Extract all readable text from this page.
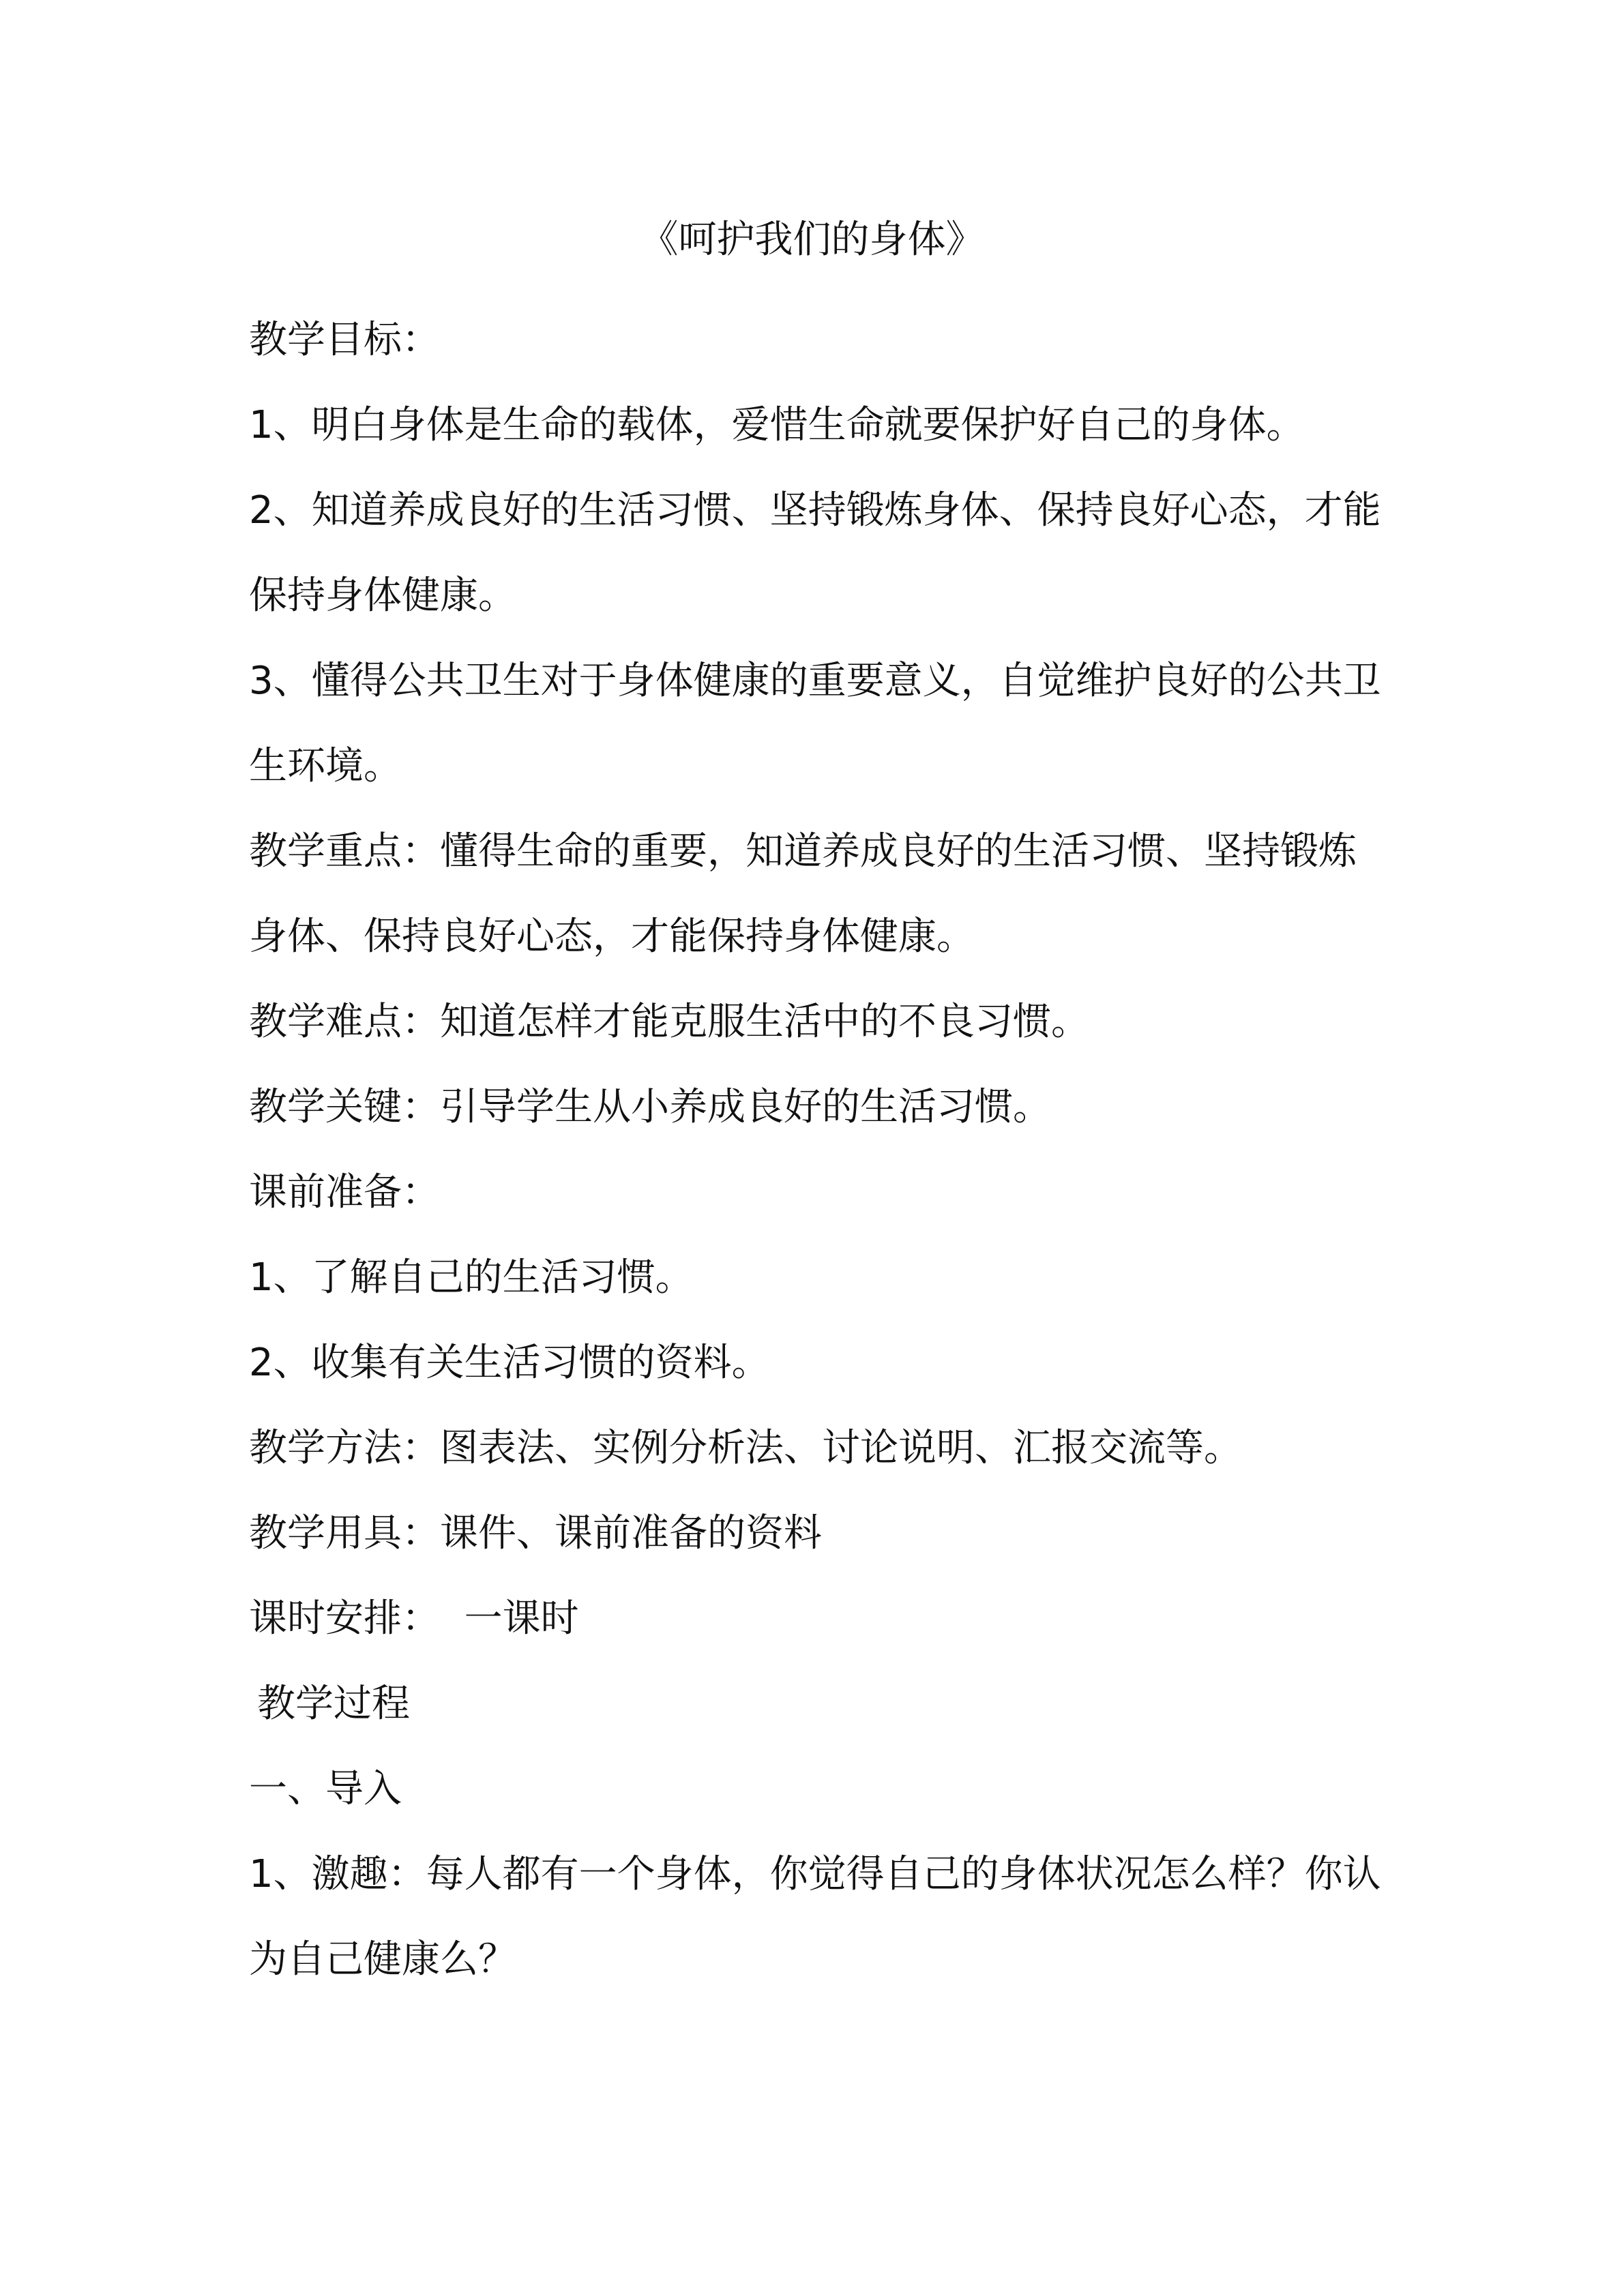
《呵护我们的身体》
教学目标：
1、明白身体是生命的载体，爱惜生命就要保护好自己的身体。
2、知道养成良好的生活习惯、坚持锻炼身体、保持良好心态，才能
保持身体健康。
3、懂得公共卫生对于身体健康的重要意义，自觉维护良好的公共卫
生环境。
教学重点：懂得生命的重要，知道养成良好的生活习惯、坚持锻炼
身体、保持良好心态，才能保持身体健康。
教学难点：知道怎样才能克服生活中的不良习惯。
教学关键：引导学生从小养成良好的生活习惯。
课前准备：
1、了解自己的生活习惯。
2、收集有关生活习惯的资料。
教学方法：图表法、实例分析法、讨论说明、汇报交流等。
教学用具：课件、课前准备的资料
课时安排：  一课时
教学过程
一、导入
1、激趣：每人都有一个身体，你觉得自己的身体状况怎么样？你认
为自己健康么？
